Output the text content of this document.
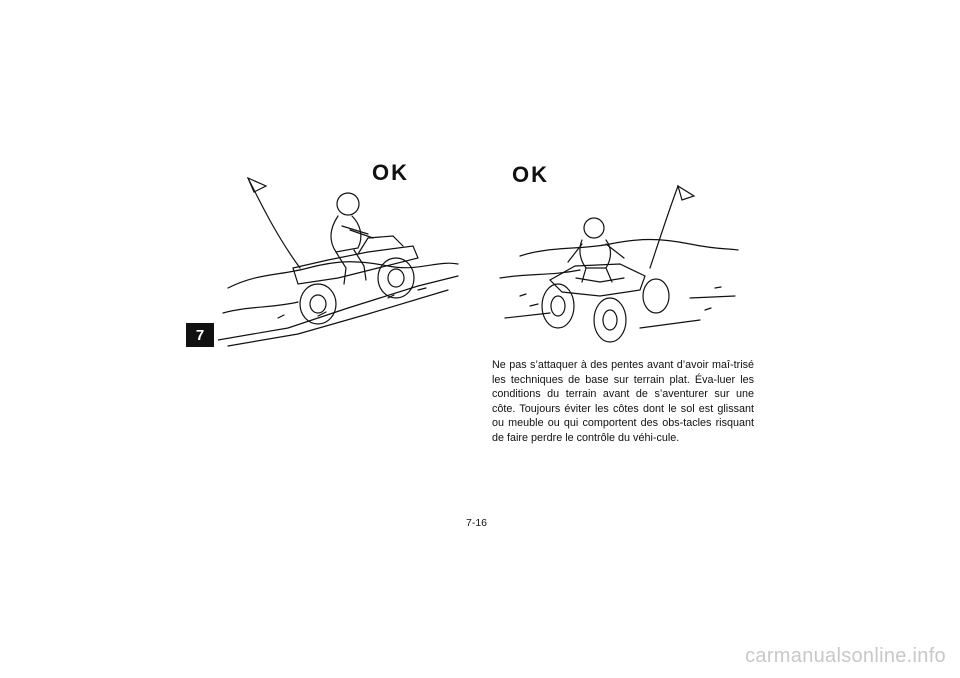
7
OK	OK

Ne pas s’attaquer à des pentes avant d’avoir maî-trisé les techniques de base sur terrain plat. Éva-luer les conditions du terrain avant de s’aventurer sur une côte. Toujours éviter les côtes dont le sol est glissant ou meuble ou qui comportent des obs-tacles risquant de faire perdre le contrôle du véhi-cule.

7-16
carmanualsonline.info
